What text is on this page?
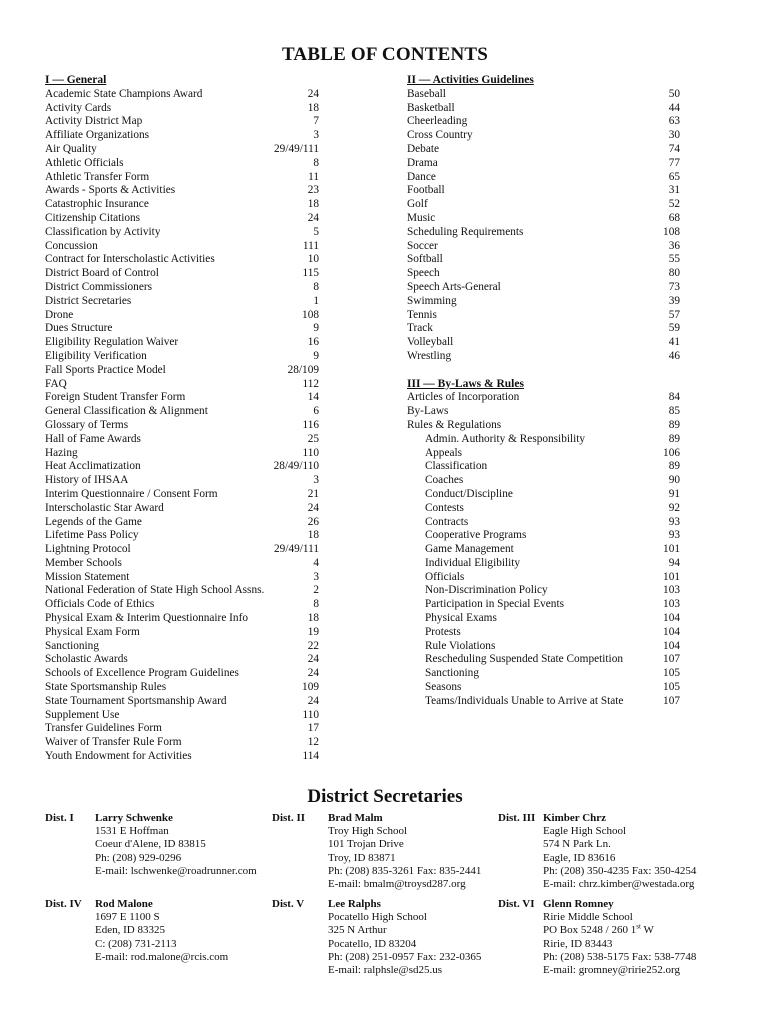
TABLE OF CONTENTS
I — General
Academic State Champions Award	24
Activity Cards	18
Activity District Map	7
Affiliate Organizations	3
Air Quality	29/49/111
Athletic Officials	8
Athletic Transfer Form	11
Awards - Sports & Activities	23
Catastrophic Insurance	18
Citizenship Citations	24
Classification by Activity	5
Concussion	111
Contract for Interscholastic Activities	10
District Board of Control	115
District Commissioners	8
District Secretaries	1
Drone	108
Dues Structure	9
Eligibility Regulation Waiver	16
Eligibility Verification	9
Fall Sports Practice Model	28/109
FAQ	112
Foreign Student Transfer Form	14
General Classification & Alignment	6
Glossary of Terms	116
Hall of Fame Awards	25
Hazing	110
Heat Acclimatization	28/49/110
History of IHSAA	3
Interim Questionnaire / Consent Form	21
Interscholastic Star Award	24
Legends of the Game	26
Lifetime Pass Policy	18
Lightning Protocol	29/49/111
Member Schools	4
Mission Statement	3
National Federation of State High School Assns.	2
Officials Code of Ethics	8
Physical Exam & Interim Questionnaire Info	18
Physical Exam Form	19
Sanctioning	22
Scholastic Awards	24
Schools of Excellence Program Guidelines	24
State Sportsmanship Rules	109
State Tournament Sportsmanship Award	24
Supplement Use	110
Transfer Guidelines Form	17
Waiver of Transfer Rule Form	12
Youth Endowment for Activities	114
II — Activities Guidelines
Baseball	50
Basketball	44
Cheerleading	63
Cross Country	30
Debate	74
Drama	77
Dance	65
Football	31
Golf	52
Music	68
Scheduling Requirements	108
Soccer	36
Softball	55
Speech	80
Speech Arts-General	73
Swimming	39
Tennis	57
Track	59
Volleyball	41
Wrestling	46
III — By-Laws & Rules
Articles of Incorporation	84
By-Laws	85
Rules & Regulations	89
Admin. Authority & Responsibility	89
Appeals	106
Classification	89
Coaches	90
Conduct/Discipline	91
Contests	92
Contracts	93
Cooperative Programs	93
Game Management	101
Individual Eligibility	94
Officials	101
Non-Discrimination Policy	103
Participation in Special Events	103
Physical Exams	104
Protests	104
Rule Violations	104
Rescheduling Suspended State Competition	107
Sanctioning	105
Seasons	105
Teams/Individuals Unable to Arrive at State	107
District Secretaries
Dist. I Larry Schwenke
1531 E Hoffman
Coeur d'Alene, ID 83815
Ph: (208) 929-0296
E-mail: lschwenke@roadrunner.com
Dist. II Brad Malm
Troy High School
101 Trojan Drive
Troy, ID 83871
Ph: (208) 835-3261 Fax: 835-2441
E-mail: bmalm@troysd287.org
Dist. III Kimber Chrz
Eagle High School
574 N Park Ln.
Eagle, ID 83616
Ph: (208) 350-4235 Fax: 350-4254
E-mail: chrz.kimber@westada.org
Dist. IV Rod Malone
1697 E 1100 S
Eden, ID 83325
C: (208) 731-2113
E-mail: rod.malone@rcis.com
Dist. V Lee Ralphs
Pocatello High School
325 N Arthur
Pocatello, ID 83204
Ph: (208) 251-0957 Fax: 232-0365
E-mail: ralphsle@sd25.us
Dist. VI Glenn Romney
Ririe Middle School
PO Box 5248 / 260 1st W
Ririe, ID 83443
Ph: (208) 538-5175 Fax: 538-7748
E-mail: gromney@ririe252.org
